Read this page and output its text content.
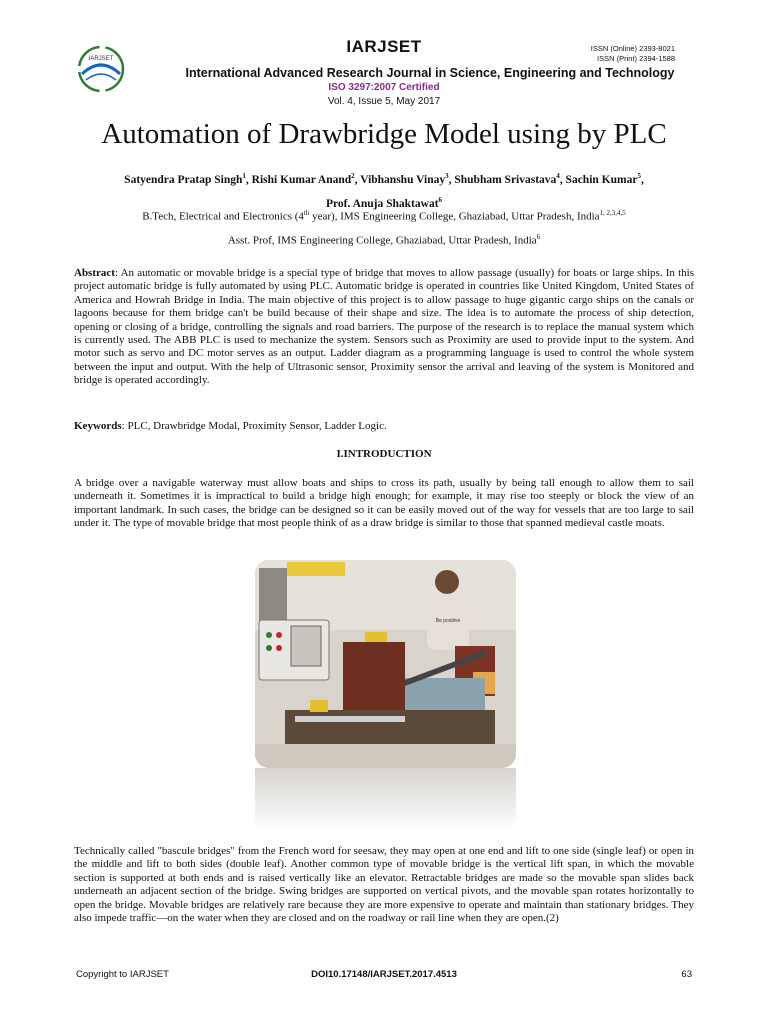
IARJSET
IARJSET	ISSN (Online) 2393-8021
ISSN (Print) 2394-1588
International Advanced Research Journal in Science, Engineering and Technology
ISO 3297:2007 Certified
Vol. 4, Issue 5, May 2017
Automation of Drawbridge Model using by PLC
Satyendra Pratap Singh$^1$, Rishi Kumar Anand$^2$, Vibhanshu Vinay$^3$, Shubham Srivastava$^4$, Sachin Kumar$^5$,
Prof. Anuja Shaktawat$^6$
B.Tech, Electrical and Electronics (4th year), IMS Engineering College, Ghaziabad, Uttar Pradesh, India$^{1, 2,3,4,5}$
Asst. Prof, IMS Engineering College, Ghaziabad, Uttar Pradesh, India$^6$
Abstract: An automatic or movable bridge is a special type of bridge that moves to allow passage (usually) for boats or large ships. In this project automatic bridge is fully automated by using PLC. Automatic bridge is operated in countries like United Kingdom, United States of America and Howrah Bridge in India. The main objective of this project is to allow passage to huge gigantic cargo ships on the canals or lagoons because for them bridge can't be build because of their shape and size. The idea is to automate the process of ship detection, opening or closing of a bridge, controlling the signals and road barriers. The purpose of the research is to replace the manual system which is currently used. The ABB PLC is used to mechanize the system. Sensors such as Proximity are used to provide input to the system. And motor such as servo and DC motor serves as an output. Ladder diagram as a programming language is used to control the whole system between the input and output. With the help of Ultrasonic sensor, Proximity sensor the arrival and leaving of the system is Monitored and bridge is operated accordingly.
Keywords: PLC, Drawbridge Modal, Proximity Sensor, Ladder Logic.
I.INTRODUCTION
A bridge over a navigable waterway must allow boats and ships to cross its path, usually by being tall enough to allow them to sail underneath it. Sometimes it is impractical to build a bridge high enough; for example, it may rise too steeply or block the view of an important landmark. In such cases, the bridge can be designed so it can be easily moved out of the way for vessels that are too large to sail under it. The type of movable bridge that most people think of as a draw bridge is similar to those that spanned medieval castle moats.
Be positive
Technically called "bascule bridges" from the French word for seesaw, they may open at one end and lift to one side (single leaf) or open in the middle and lift to both sides (double leaf). Another common type of movable bridge is the vertical lift span, in which the movable section is supported at both ends and is raised vertically like an elevator. Retractable bridges are made so the movable span slides back underneath an adjacent section of the bridge. Swing bridges are supported on vertical pivots, and the movable span rotates horizontally to open the bridge. Movable bridges are relatively rare because they are more expensive to operate and maintain than stationary bridges. They also impede traffic—on the water when they are closed and on the roadway or rail line when they are open.(2)
Copyright to IARJSET	DOI10.17148/IARJSET.2017.4513	63
